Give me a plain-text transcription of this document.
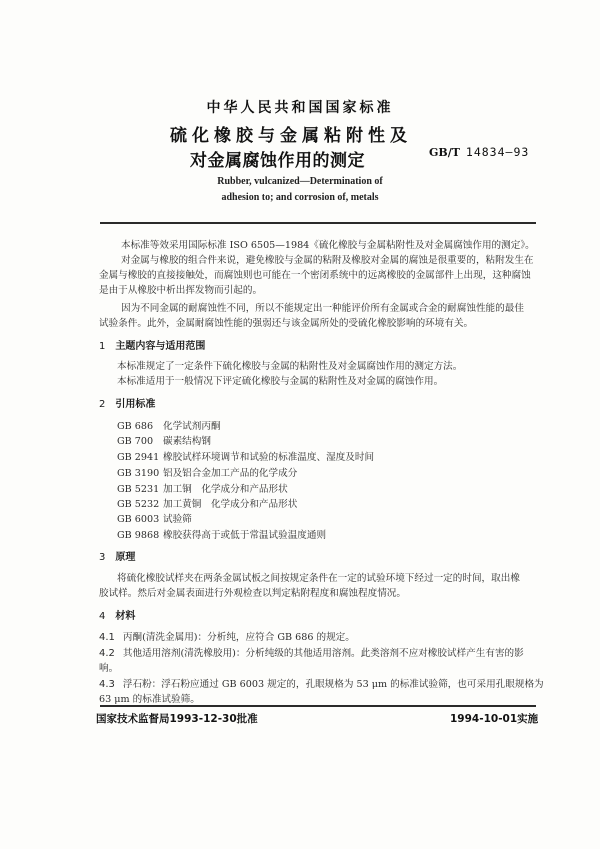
中华人民共和国国家标准
硫化橡胶与金属粘附性及
对金属腐蚀作用的测定	GB/T 14834—93
Rubber, vulcanized—Determination of
adhesion to; and corrosion of, metals
本标准等效采用国际标准 ISO 6505—1984《硫化橡胶与金属粘附性及对金属腐蚀作用的测定》。
对金属与橡胶的组合件来说，避免橡胶与金属的粘附及橡胶对金属的腐蚀是很重要的，粘附发生在
金属与橡胶的直接接触处，而腐蚀则也可能在一个密闭系统中的远离橡胶的金属部件上出现，这种腐蚀
是由于从橡胶中析出挥发物而引起的。
因为不同金属的耐腐蚀性不同，所以不能规定出一种能评价所有金属或合金的耐腐蚀性能的最佳
试验条件。此外，金属耐腐蚀性能的强弱还与该金属所处的受硫化橡胶影响的环境有关。
1 主题内容与适用范围
本标准规定了一定条件下硫化橡胶与金属的粘附性及对金属腐蚀作用的测定方法。
本标准适用于一般情况下评定硫化橡胶与金属的粘附性及对金属的腐蚀作用。
2 引用标准
GB 686 化学试剂丙酮
GB 700 碳素结构钢
GB 2941 橡胶试样环境调节和试验的标准温度、湿度及时间
GB 3190 铝及铝合金加工产品的化学成分
GB 5231 加工铜　化学成分和产品形状
GB 5232 加工黄铜　化学成分和产品形状
GB 6003 试验筛
GB 9868 橡胶获得高于或低于常温试验温度通则
3 原理
将硫化橡胶试样夹在两条金属试板之间按规定条件在一定的试验环境下经过一定的时间，取出橡
胶试样。然后对金属表面进行外观检查以判定粘附程度和腐蚀程度情况。
4 材料
4.1 丙酮(清洗金属用)：分析纯，应符合 GB 686 的规定。
4.2 其他适用溶剂(清洗橡胶用)：分析纯级的其他适用溶剂。此类溶剂不应对橡胶试样产生有害的影
响。
4.3 浮石粉：浮石粉应通过 GB 6003 规定的，孔眼规格为 53 μm 的标准试验筛，也可采用孔眼规格为
63 μm 的标准试验筛。
国家技术监督局1993-12-30批准	1994-10-01实施
